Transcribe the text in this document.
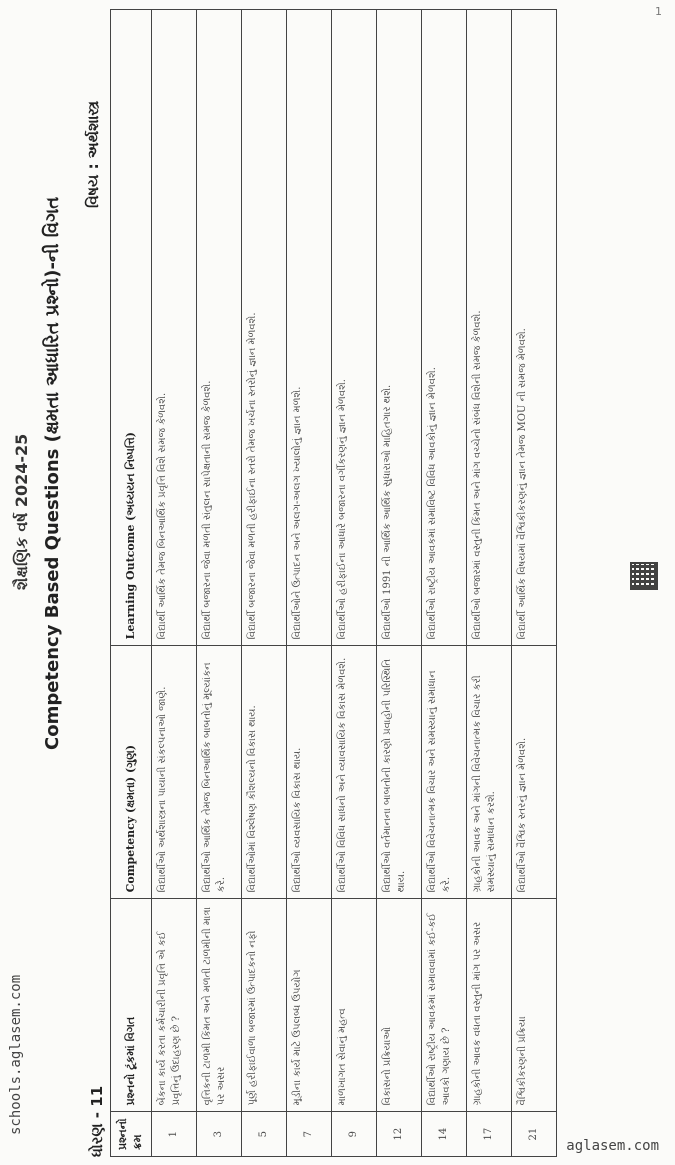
શૈક્ષણિક વર્ષ 2024-25 Competency Based Questions (ક્ષમતા આધારિત પ્રશ્નો)-ની વિગત
ધોરણ - 11
વિષય : અર્થશાસ્ત્ર
પ્રશ્નનો ક્રમ	પ્રશ્નનો ટૂંકમાં વિગત	Competency (ક્ષમતા) (ગુણ)	Learning Outcome (અધ્યયન નિષ્પત્તિ)
1	બેંકના કાર્ય કરતા કર્મચારીની પ્રવૃત્તિ એ કઈ પ્રવૃત્તિનું ઉદાહરણ છે ?	વિદ્યાર્થીઓ અર્થશાસ્ત્રના પાયાની સંકલ્પનાઓ જાણે.	વિદ્યાર્થી આર્થિક તેમજ બિનઆર્થિક પ્રવૃત્તિ વિશે સમજ કેળવશે.
3	વૃત્તિકની ટાળમી કિંમત અને મળતી ટાળમીની માત્રા પર અસર	વિદ્યાર્થીઓ આર્થિક તેમજ બિનઆર્થિક બાબતોનું મૂલ્યાંકન કરે.	વિદ્યાર્થી બજારના જેવા મળતી સંતુલન સાપેક્ષતાની સમજ કેળવશે.
5	પૂર્ણ હરીફાઈવાળા બજારમાં ઉત્પાદકનો નફો	વિદ્યાર્થીઓમાં વિશ્લેષણ કૌશલ્યનો વિકાસ થાય.	વિદ્યાર્થી બજારના જેવા મળતી હરીફાઈના સ્તરો તેમજ ખર્ચના સ્તરોનું જ્ઞાન મેળવશે.
7	મૂડીના કાર્ય માટે ઉપલબ્ધ ઉપયોગ	વિદ્યાર્થીઓ વ્યવસાયિક વિકાસ થાય.	વિદ્યાર્થીઓને ઉત્પાદન અને અલગ-અલગ ખ્યાલોનું જ્ઞાન મળશે.
9	માળખાગત સેવાનું મહત્વ	વિદ્યાર્થીઓ વિવિધ સાધનો અને વ્યાવસાયિક વિકાસ મેળવશે.	વિદ્યાર્થીઓ હરીફાઈના આધારે બજારના વર્ગીકરણનું જ્ઞાન મેળવશે.
12	વિકાસનો પ્રક્રિયાઓ	વિદ્યાર્થીઓ વર્તમાનના બાબતોની કારણો પ્રવાહોની પરિસ્થિતિ થાય.	વિદ્યાર્થીઓ 1991 ની આર્થિક આર્થિક સુધારાઓ માહિતગાર થશે.
14	વિદ્યાર્થીઓ રાષ્ટ્રીય આવકમાં સમાવવામાં કઈ-કઈ આવકો ગણાય છે ?	વિદ્યાર્થીઓ વિવેચનાત્મક વિચાર અને સમસ્યાનું સમાધાન કરે.	વિદ્યાર્થીઓ રાષ્ટ્રીય આવકમાં સમાવિષ્ટ વિવિધ આવકોનું જ્ઞાન મેળવશે.
17	ગ્રાહકોની આવક વધતા વસ્તુની માંગ પર અસર	ગ્રાહકોની આવક અને માંગની વિવેચનાત્મક વિચાર કરી સમસ્યાનું સમાધાન કરશે.	વિદ્યાર્થીઓ બજારમાં વસ્તુની કિંમત અને માંગ વચ્ચેનો સંબંધ વિશેની સમજ કેળવશે.
21	વૈશ્વિકીકરણની પ્રક્રિયા	વિદ્યાર્થીઓ વૈશ્વિક સ્તરનું જ્ઞાન મેળવશે.	વિદ્યાર્થી આર્થિક વિષયમાં વૈશ્વિકીકરણનું જ્ઞાન તેમજ MOU ની સમજ મેળવશે.
1
schools.aglasem.com
aglasem.com
